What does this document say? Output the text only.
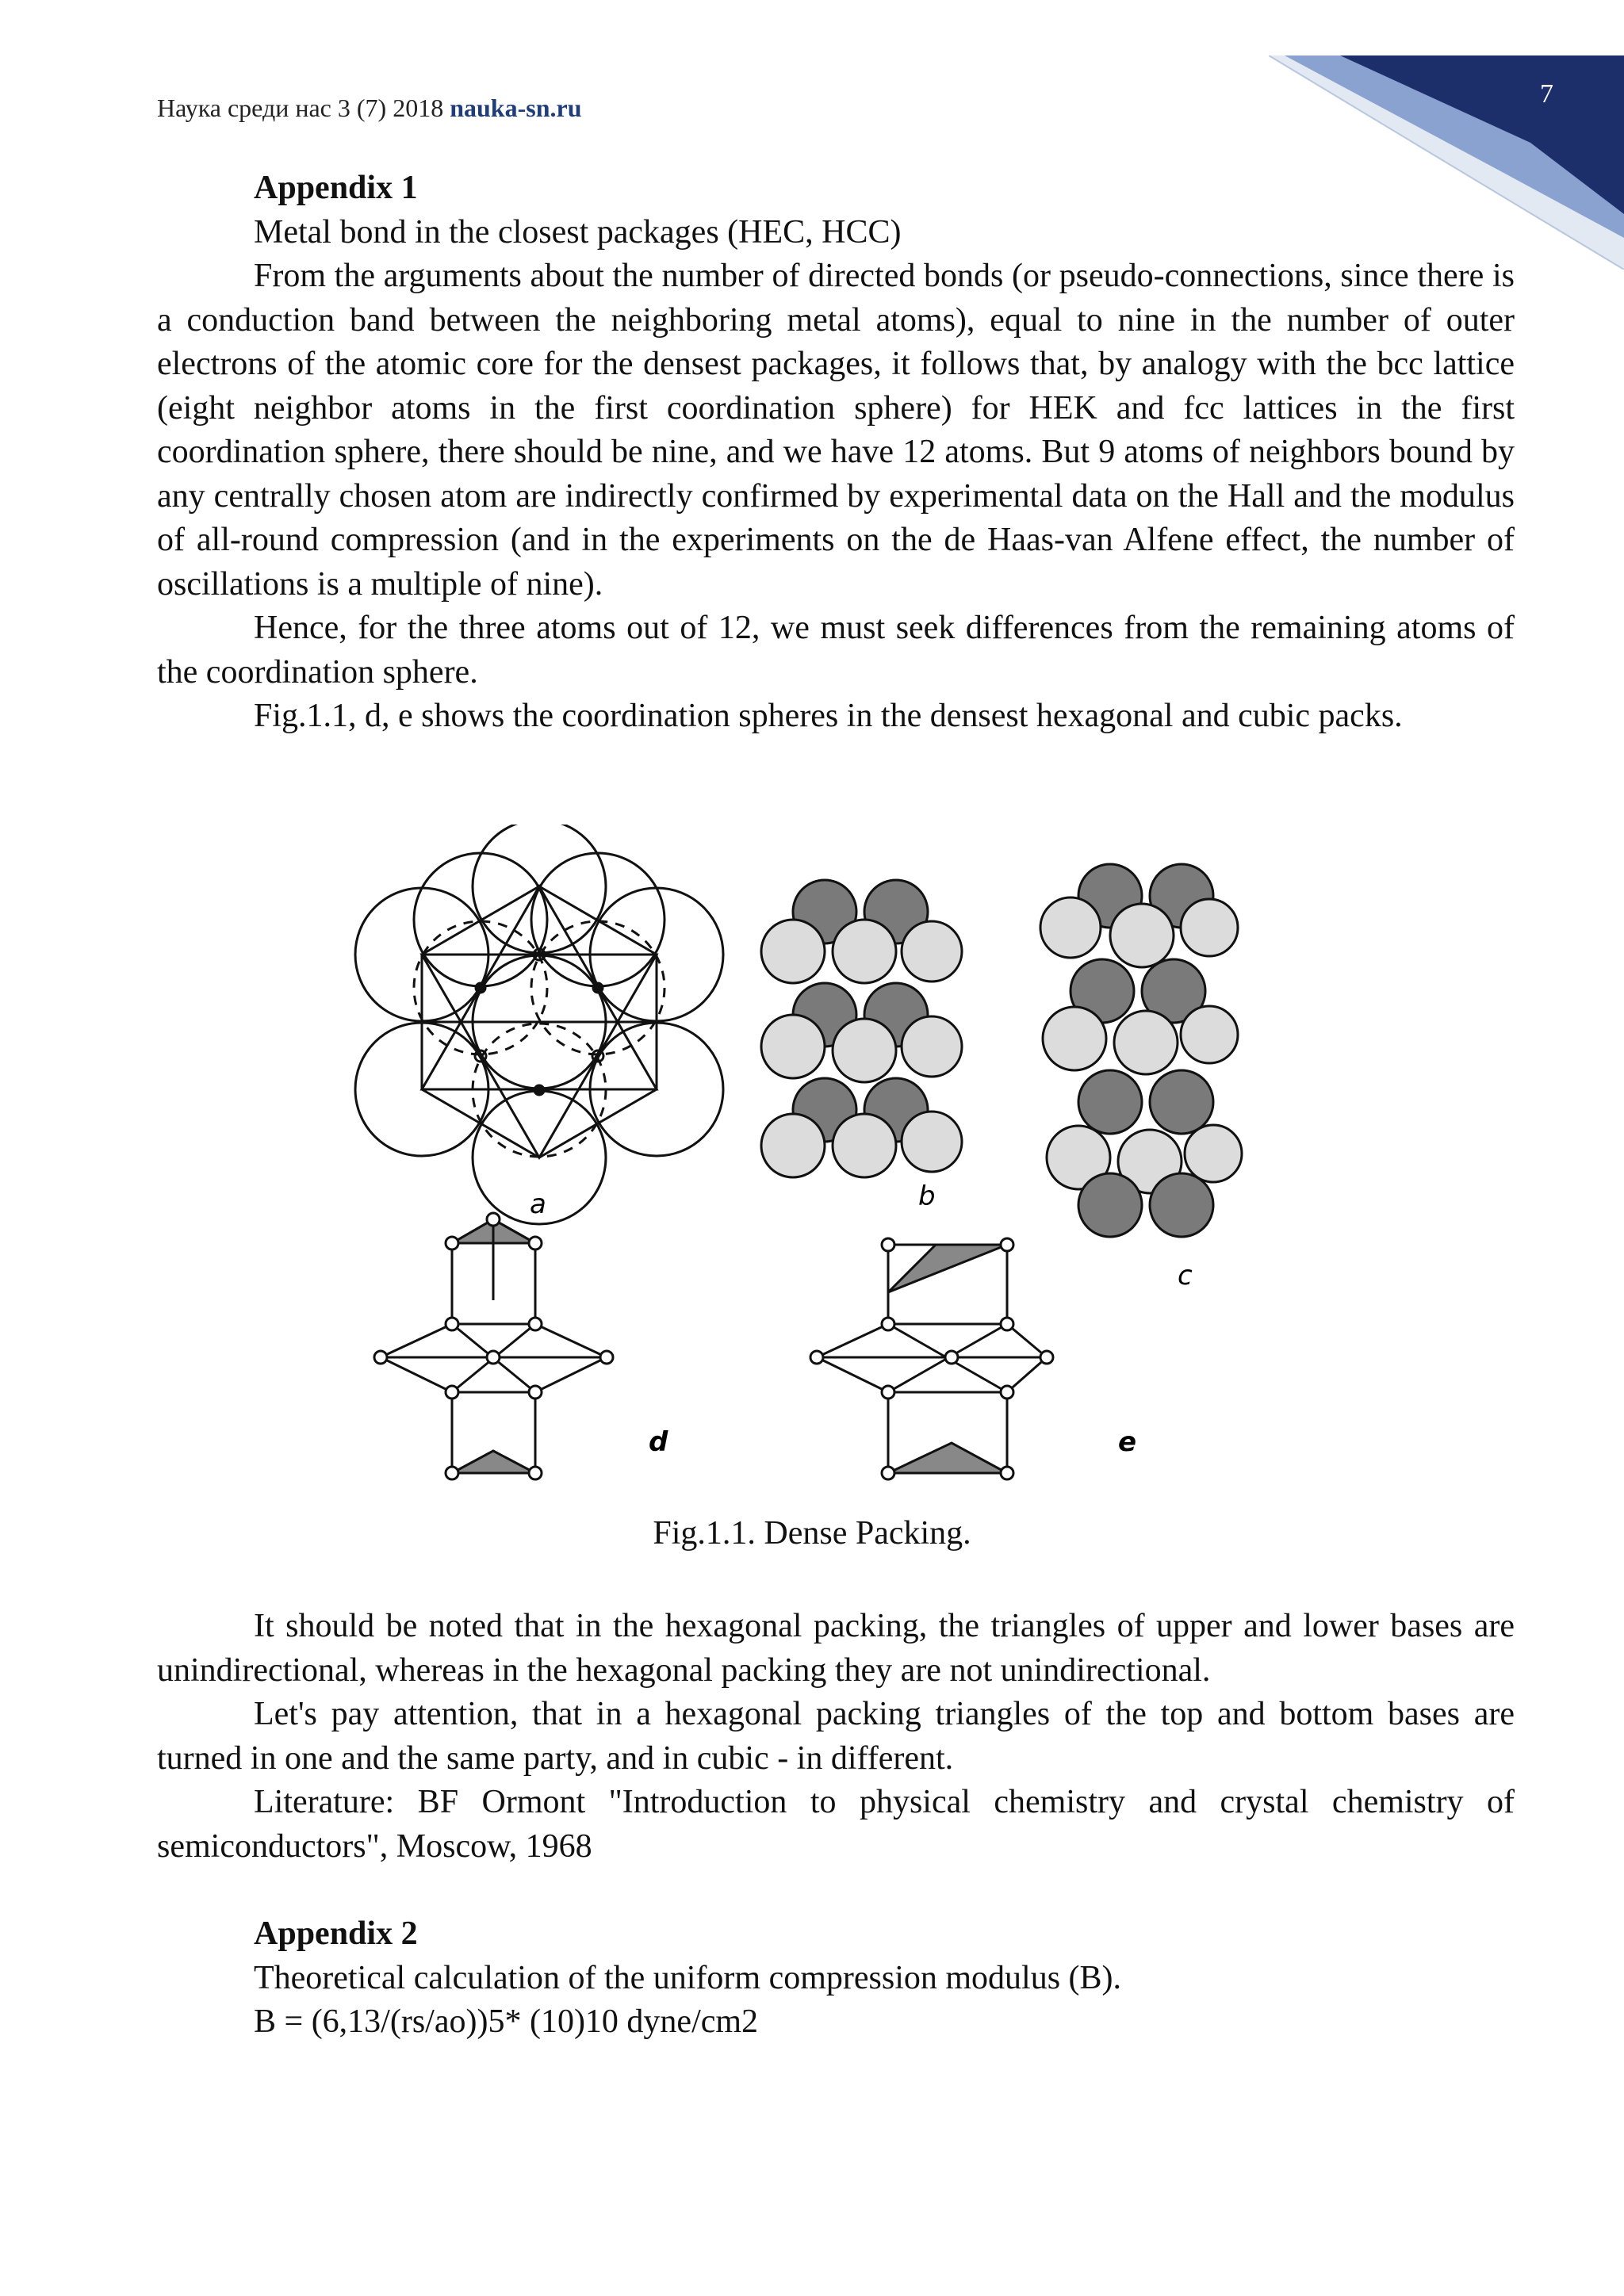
7
Наука среди нас 3 (7) 2018 nauka-sn.ru

Appendix 1

Metal bond in the closest packages (HEC, HCC)

From the arguments about the number of directed bonds (or pseudo-connections, since there is a conduction band between the neighboring metal atoms), equal to nine in the number of outer electrons of the atomic core for the densest packages, it follows that, by analogy with the bcc lattice (eight neighbor atoms in the first coordination sphere) for HEK and fcc lattices in the first coordination sphere, there should be nine, and we have 12 atoms. But 9 atoms of neighbors bound by any centrally chosen atom are indirectly confirmed by experimental data on the Hall and the modulus of all-round compression (and in the experiments on the de Haas-van Alfene effect, the number of oscillations is a multiple of nine).

Hence, for the three atoms out of 12, we must seek differences from the remaining atoms of the coordination sphere.

Fig.1.1, d, e shows the coordination spheres in the densest hexagonal and cubic packs.

a	b
c
d	e
Fig.1.1. Dense Packing.

It should be noted that in the hexagonal packing, the triangles of upper and lower bases are unindirectional, whereas in the hexagonal packing they are not unindirectional.

Let's pay attention, that in a hexagonal packing triangles of the top and bottom bases are turned in one and the same party, and in cubic - in different.

Literature: BF Ormont "Introduction to physical chemistry and crystal chemistry of semiconductors", Moscow, 1968

Appendix 2

Theoretical calculation of the uniform compression modulus (B).

B = (6,13/(rs/ao))5* (10)10 dyne/cm2
